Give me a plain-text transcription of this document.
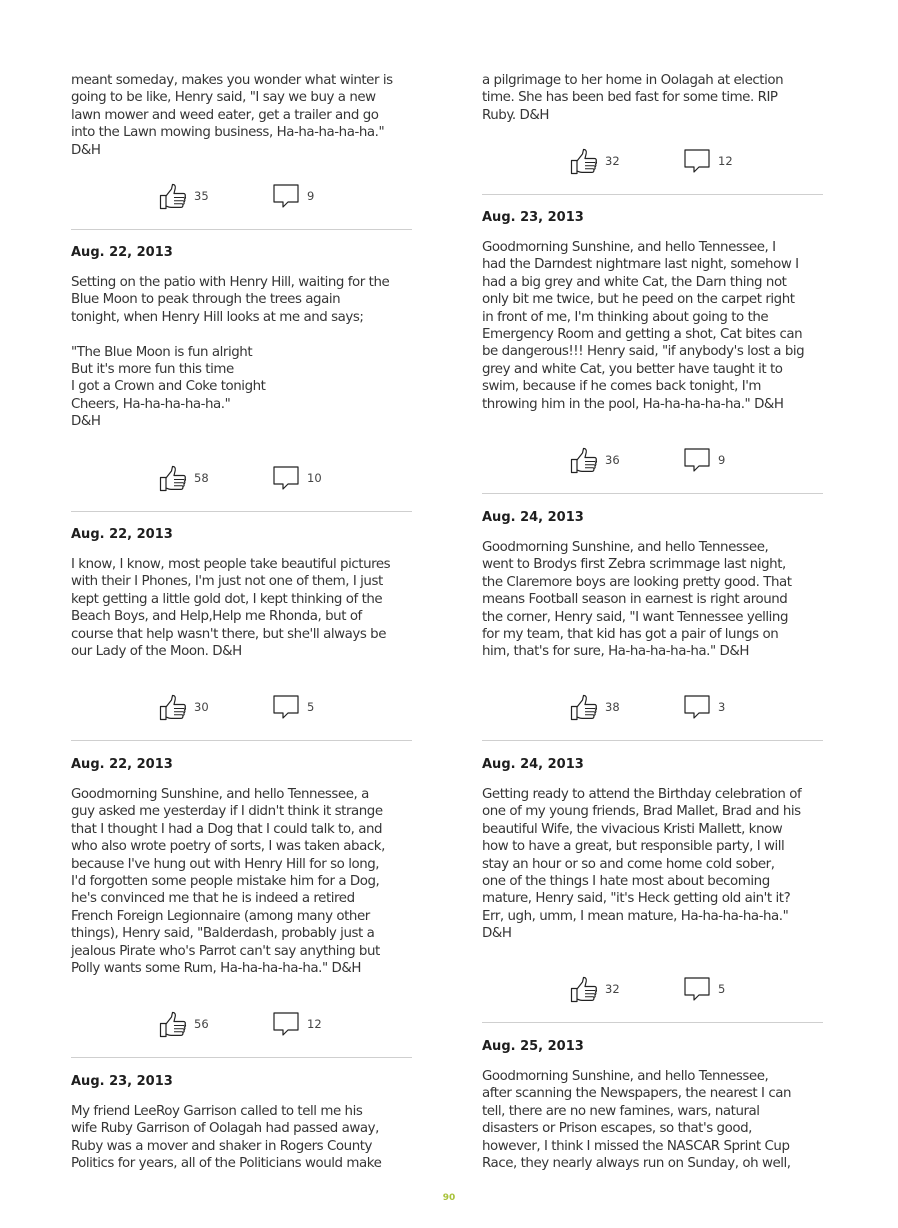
meant someday, makes you wonder what winter is
going to be like, Henry said, "I say we buy a new
lawn mower and weed eater, get a trailer and go
into the Lawn mowing business, Ha-ha-ha-ha-ha."
D&H

35	9

Aug. 22, 2013

Setting on the patio with Henry Hill, waiting for the
Blue Moon to peak through the trees again
tonight, when Henry Hill looks at me and says;

"The Blue Moon is fun alright
But it's more fun this time
I got a Crown and Coke tonight
Cheers, Ha-ha-ha-ha-ha."
D&H

58	10

Aug. 22, 2013

I know, I know, most people take beautiful pictures
with their I Phones, I'm just not one of them, I just
kept getting a little gold dot, I kept thinking of the
Beach Boys, and Help,Help me Rhonda, but of
course that help wasn't there, but she'll always be
our Lady of the Moon. D&H

30	5

Aug. 22, 2013

Goodmorning Sunshine, and hello Tennessee, a
guy asked me yesterday if I didn't think it strange
that I thought I had a Dog that I could talk to, and
who also wrote poetry of sorts, I was taken aback,
because I've hung out with Henry Hill for so long,
I'd forgotten some people mistake him for a Dog,
he's convinced me that he is indeed a retired
French Foreign Legionnaire (among many other
things), Henry said, "Balderdash, probably just a
jealous Pirate who's Parrot can't say anything but
Polly wants some Rum, Ha-ha-ha-ha-ha." D&H

56	12

Aug. 23, 2013

My friend LeeRoy Garrison called to tell me his
wife Ruby Garrison of Oolagah had passed away,
Ruby was a mover and shaker in Rogers County
Politics for years, all of the Politicians would make

a pilgrimage to her home in Oolagah at election
time. She has been bed fast for some time. RIP
Ruby. D&H

32	12

Aug. 23, 2013

Goodmorning Sunshine, and hello Tennessee, I
had the Darndest nightmare last night, somehow I
had a big grey and white Cat, the Darn thing not
only bit me twice, but he peed on the carpet right
in front of me, I'm thinking about going to the
Emergency Room and getting a shot, Cat bites can
be dangerous!!! Henry said, "if anybody's lost a big
grey and white Cat, you better have taught it to
swim, because if he comes back tonight, I'm
throwing him in the pool, Ha-ha-ha-ha-ha." D&H

36	9

Aug. 24, 2013

Goodmorning Sunshine, and hello Tennessee,
went to Brodys first Zebra scrimmage last night,
the Claremore boys are looking pretty good. That
means Football season in earnest is right around
the corner, Henry said, "I want Tennessee yelling
for my team, that kid has got a pair of lungs on
him, that's for sure, Ha-ha-ha-ha-ha." D&H

38	3

Aug. 24, 2013

Getting ready to attend the Birthday celebration of
one of my young friends, Brad Mallet, Brad and his
beautiful Wife, the vivacious Kristi Mallett, know
how to have a great, but responsible party, I will
stay an hour or so and come home cold sober,
one of the things I hate most about becoming
mature, Henry said, "it's Heck getting old ain't it?
Err, ugh, umm, I mean mature, Ha-ha-ha-ha-ha."
D&H

32	5

Aug. 25, 2013

Goodmorning Sunshine, and hello Tennessee,
after scanning the Newspapers, the nearest I can
tell, there are no new famines, wars, natural
disasters or Prison escapes, so that's good,
however, I think I missed the NASCAR Sprint Cup
Race, they nearly always run on Sunday, oh well,

90
